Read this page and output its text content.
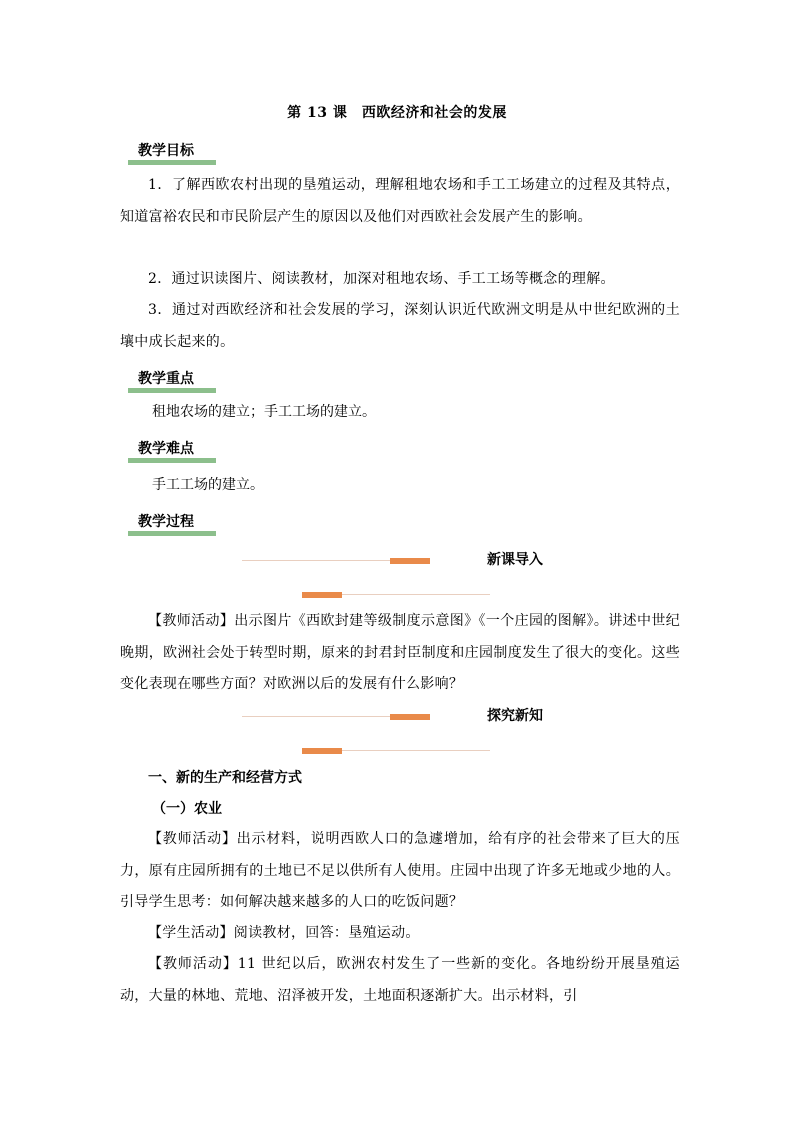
第 13 课　西欧经济和社会的发展
教学目标
1．了解西欧农村出现的垦殖运动，理解租地农场和手工工场建立的过程及其特点，知道富裕农民和市民阶层产生的原因以及他们对西欧社会发展产生的影响。
2．通过识读图片、阅读教材，加深对租地农场、手工工场等概念的理解。
3．通过对西欧经济和社会发展的学习，深刻认识近代欧洲文明是从中世纪欧洲的土壤中成长起来的。
教学重点
租地农场的建立；手工工场的建立。
教学难点
手工工场的建立。
教学过程
新课导入
【教师活动】出示图片《西欧封建等级制度示意图》《一个庄园的图解》。讲述中世纪晚期，欧洲社会处于转型时期，原来的封君封臣制度和庄园制度发生了很大的变化。这些变化表现在哪些方面？对欧洲以后的发展有什么影响？
探究新知
一、新的生产和经营方式
（一）农业
【教师活动】出示材料，说明西欧人口的急遽增加，给有序的社会带来了巨大的压力，原有庄园所拥有的土地已不足以供所有人使用。庄园中出现了许多无地或少地的人。引导学生思考：如何解决越来越多的人口的吃饭问题？
【学生活动】阅读教材，回答：垦殖运动。
【教师活动】11 世纪以后，欧洲农村发生了一些新的变化。各地纷纷开展垦殖运动，大量的林地、荒地、沼泽被开发，土地面积逐渐扩大。出示材料，引
